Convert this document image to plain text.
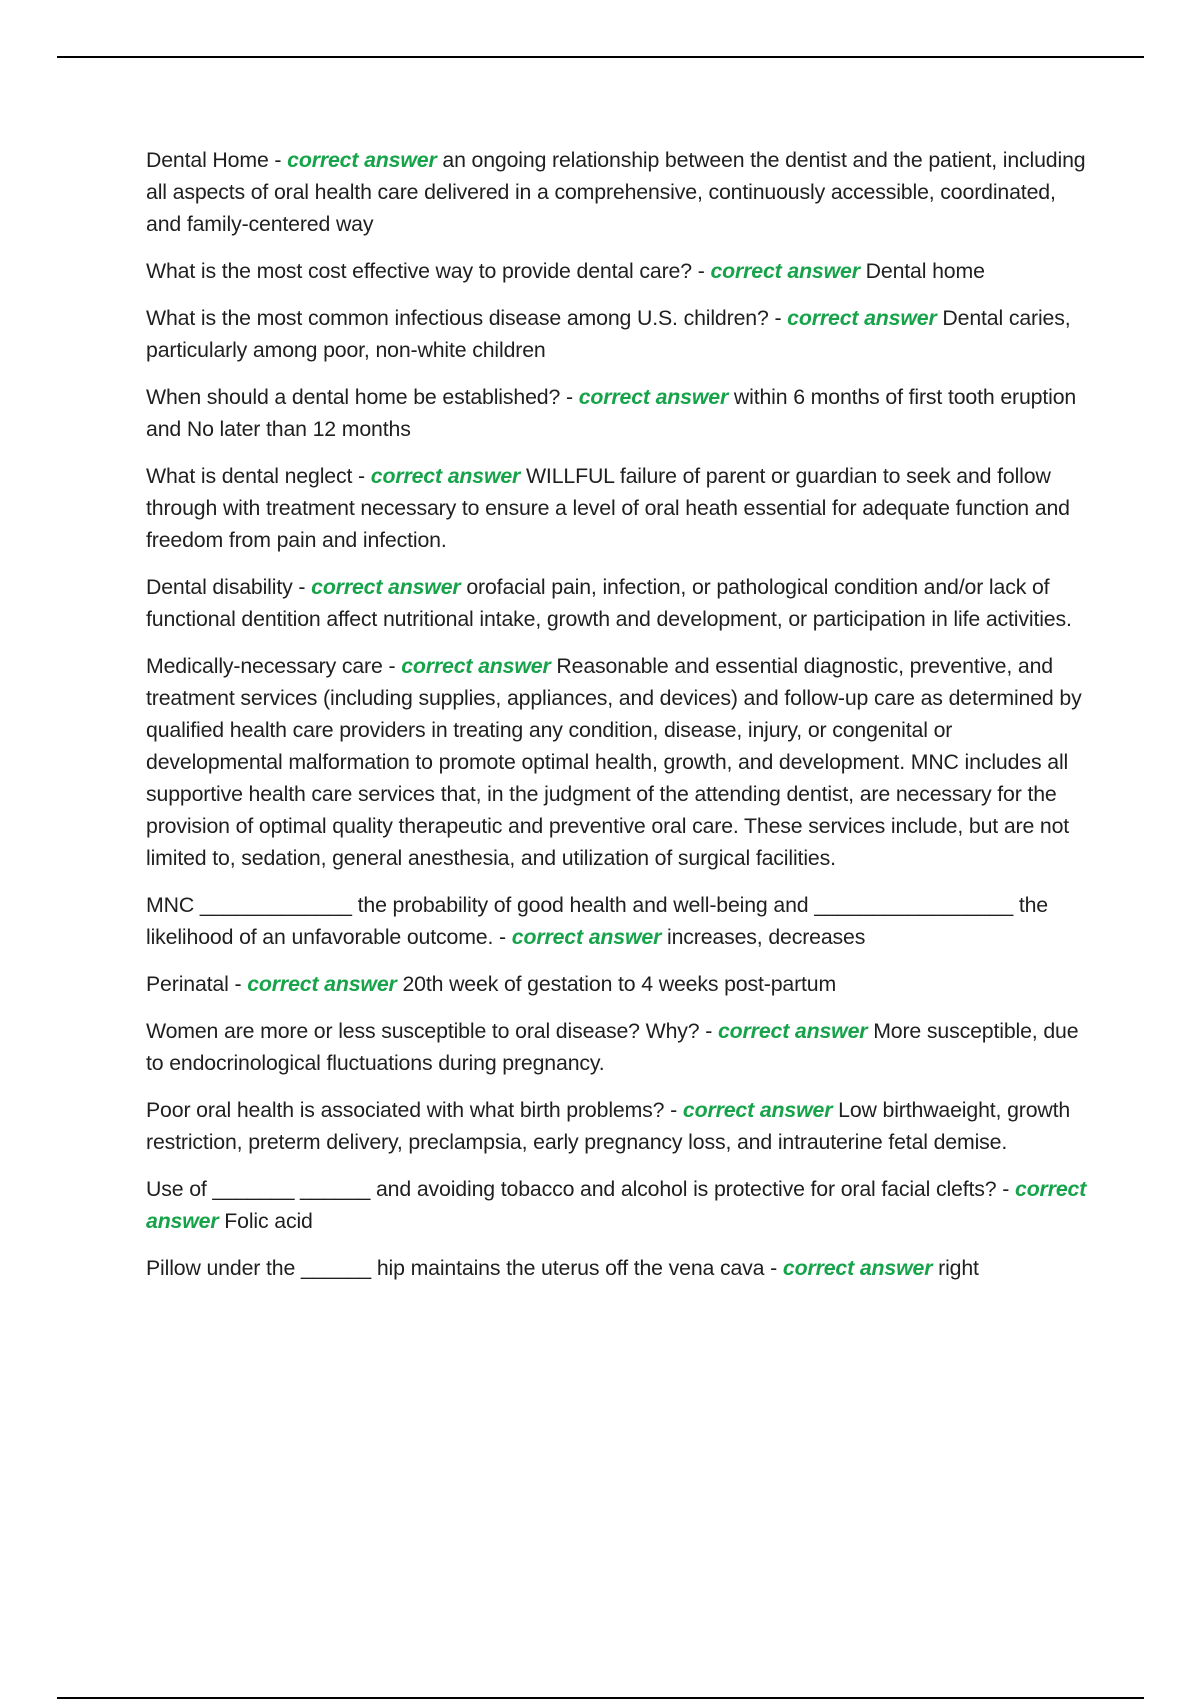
Dental Home - correct answer an ongoing relationship between the dentist and the patient, including all aspects of oral health care delivered in a comprehensive, continuously accessible, coordinated, and family-centered way

What is the most cost effective way to provide dental care? - correct answer Dental home

What is the most common infectious disease among U.S. children? - correct answer Dental caries, particularly among poor, non-white children

When should a dental home be established? - correct answer within 6 months of first tooth eruption and No later than 12 months

What is dental neglect - correct answer WILLFUL failure of parent or guardian to seek and follow through with treatment necessary to ensure a level of oral heath essential for adequate function and freedom from pain and infection.

Dental disability - correct answer orofacial pain, infection, or pathological condition and/or lack of functional dentition affect nutritional intake, growth and development, or participation in life activities.

Medically-necessary care - correct answer Reasonable and essential diagnostic, preventive, and treatment services (including supplies, appliances, and devices) and follow-up care as determined by qualified health care providers in treating any condition, disease, injury, or congenital or developmental malformation to promote optimal health, growth, and development. MNC includes all supportive health care services that, in the judgment of the attending dentist, are necessary for the provision of optimal quality therapeutic and preventive oral care. These services include, but are not limited to, sedation, general anesthesia, and utilization of surgical facilities.

MNC _____________ the probability of good health and well-being and _________________ the likelihood of an unfavorable outcome. - correct answer increases, decreases

Perinatal - correct answer 20th week of gestation to 4 weeks post-partum

Women are more or less susceptible to oral disease? Why? - correct answer More susceptible, due to endocrinological fluctuations during pregnancy.

Poor oral health is associated with what birth problems? - correct answer Low birthwaeight, growth restriction, preterm delivery, preclampsia, early pregnancy loss, and intrauterine fetal demise.

Use of _______ ______ and avoiding tobacco and alcohol is protective for oral facial clefts? - correct answer Folic acid

Pillow under the ______ hip maintains the uterus off the vena cava - correct answer right
